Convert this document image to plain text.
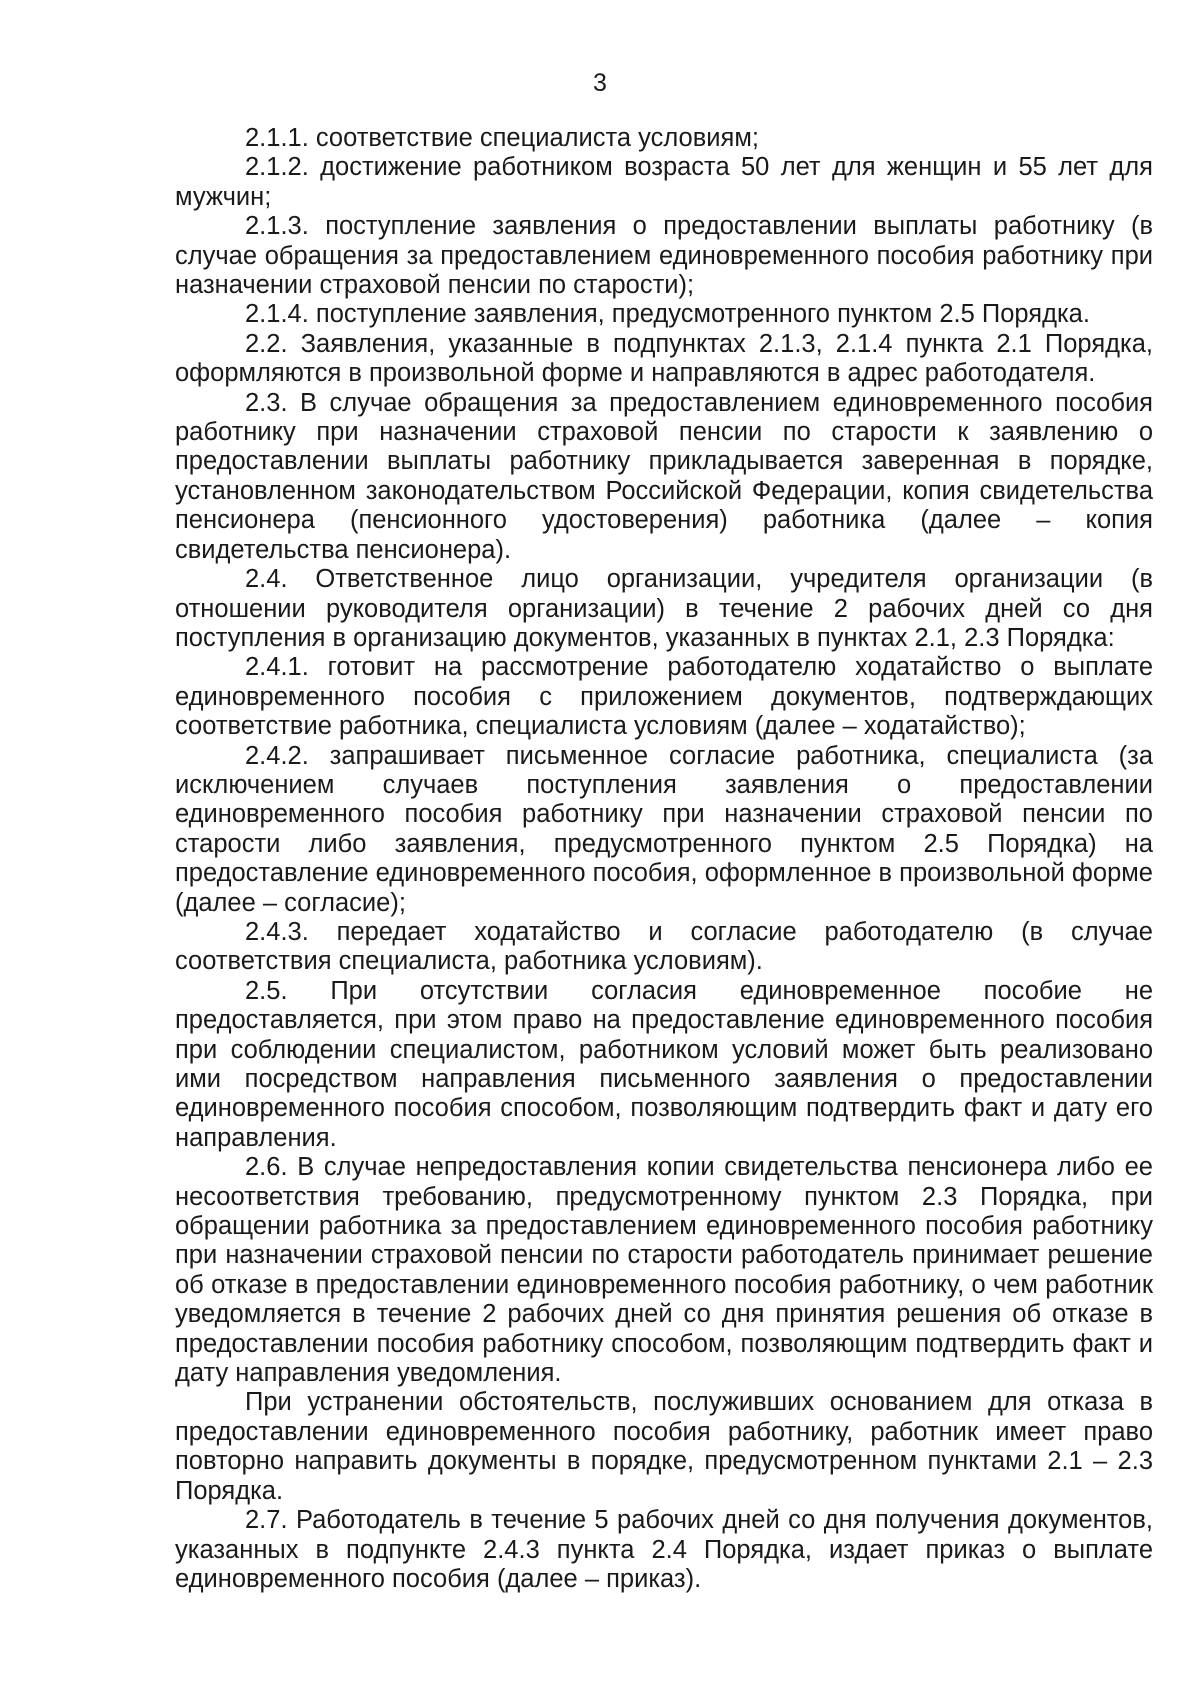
3

2.1.1. соответствие специалиста условиям;

2.1.2. достижение работником возраста 50 лет для женщин и 55 лет для мужчин;

2.1.3. поступление заявления о предоставлении выплаты работнику (в случае обращения за предоставлением единовременного пособия работнику при назначении страховой пенсии по старости);

2.1.4. поступление заявления, предусмотренного пунктом 2.5 Порядка.

2.2. Заявления, указанные в подпунктах 2.1.3, 2.1.4 пункта 2.1 Порядка, оформляются в произвольной форме и направляются в адрес работодателя.

2.3. В случае обращения за предоставлением единовременного пособия работнику при назначении страховой пенсии по старости к заявлению о предоставлении выплаты работнику прикладывается заверенная в порядке, установленном законодательством Российской Федерации, копия свидетельства пенсионера (пенсионного удостоверения) работника (далее – копия свидетельства пенсионера).

2.4. Ответственное лицо организации, учредителя организации (в отношении руководителя организации) в течение 2 рабочих дней со дня поступления в организацию документов, указанных в пунктах 2.1, 2.3 Порядка:

2.4.1. готовит на рассмотрение работодателю ходатайство о выплате единовременного пособия с приложением документов, подтверждающих соответствие работника, специалиста условиям (далее – ходатайство);

2.4.2. запрашивает письменное согласие работника, специалиста (за исключением случаев поступления заявления о предоставлении единовременного пособия работнику при назначении страховой пенсии по старости либо заявления, предусмотренного пунктом 2.5 Порядка) на предоставление единовременного пособия, оформленное в произвольной форме (далее – согласие);

2.4.3. передает ходатайство и согласие работодателю (в случае соответствия специалиста, работника условиям).

2.5. При отсутствии согласия единовременное пособие не предоставляется, при этом право на предоставление единовременного пособия при соблюдении специалистом, работником условий может быть реализовано ими посредством направления письменного заявления о предоставлении единовременного пособия способом, позволяющим подтвердить факт и дату его направления.

2.6. В случае непредоставления копии свидетельства пенсионера либо ее несоответствия требованию, предусмотренному пунктом 2.3 Порядка, при обращении работника за предоставлением единовременного пособия работнику при назначении страховой пенсии по старости работодатель принимает решение об отказе в предоставлении единовременного пособия работнику, о чем работник уведомляется в течение 2 рабочих дней со дня принятия решения об отказе в предоставлении пособия работнику способом, позволяющим подтвердить факт и дату направления уведомления.

При устранении обстоятельств, послуживших основанием для отказа в предоставлении единовременного пособия работнику, работник имеет право повторно направить документы в порядке, предусмотренном пунктами 2.1 – 2.3 Порядка.

2.7. Работодатель в течение 5 рабочих дней со дня получения документов, указанных в подпункте 2.4.3 пункта 2.4 Порядка, издает приказ о выплате единовременного пособия (далее – приказ).
